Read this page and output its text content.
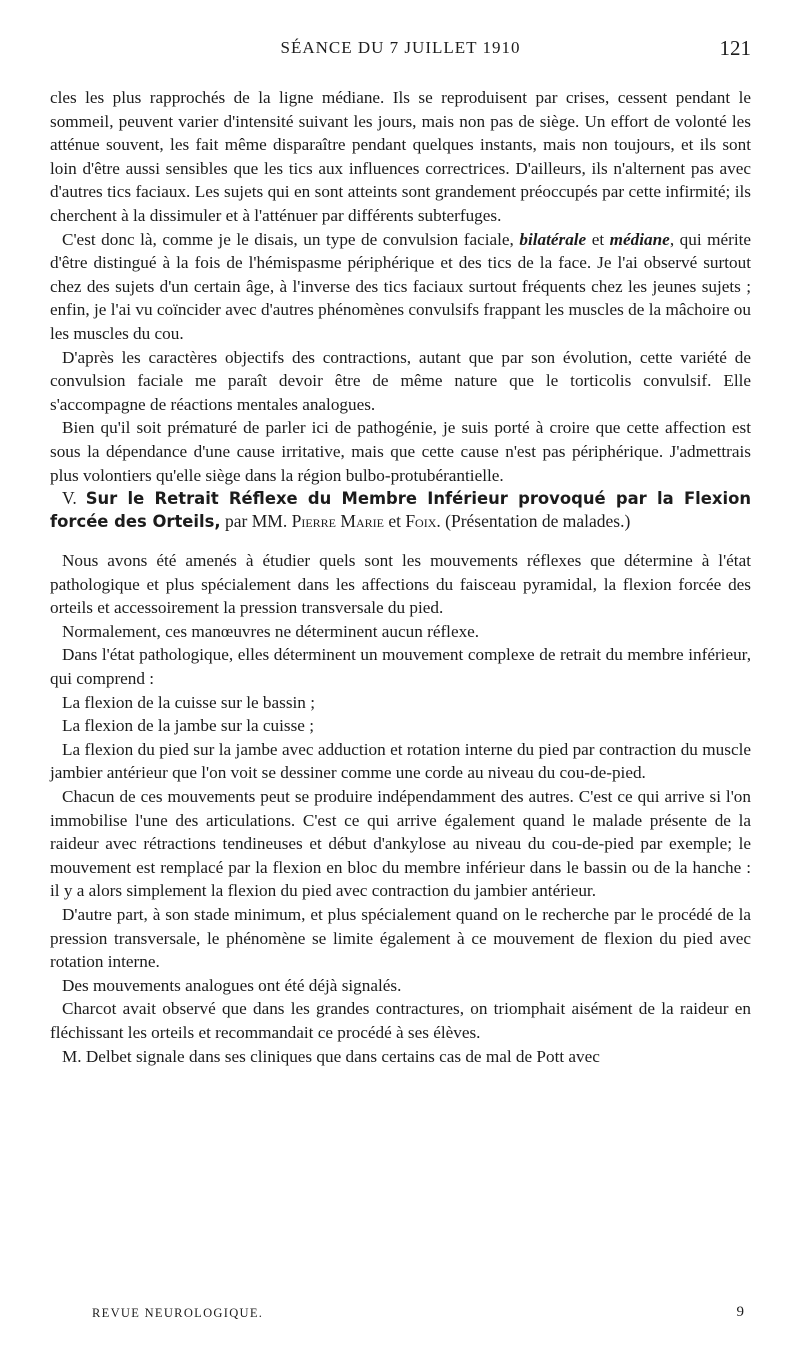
SÉANCE DU 7 JUILLET 1910	121

cles les plus rapprochés de la ligne médiane. Ils se reproduisent par crises, cessent pendant le sommeil, peuvent varier d'intensité suivant les jours, mais non pas de siège. Un effort de volonté les atténue souvent, les fait même disparaître pendant quelques instants, mais non toujours, et ils sont loin d'être aussi sensibles que les tics aux influences correctrices. D'ailleurs, ils n'alternent pas avec d'autres tics faciaux. Les sujets qui en sont atteints sont grandement préoccupés par cette infirmité; ils cherchent à la dissimuler et à l'atténuer par différents subterfuges.

C'est donc là, comme je le disais, un type de convulsion faciale, bilatérale et médiane, qui mérite d'être distingué à la fois de l'hémispasme périphérique et des tics de la face. Je l'ai observé surtout chez des sujets d'un certain âge, à l'inverse des tics faciaux surtout fréquents chez les jeunes sujets ; enfin, je l'ai vu coïncider avec d'autres phénomènes convulsifs frappant les muscles de la mâchoire ou les muscles du cou.

D'après les caractères objectifs des contractions, autant que par son évolution, cette variété de convulsion faciale me paraît devoir être de même nature que le torticolis convulsif. Elle s'accompagne de réactions mentales analogues.

Bien qu'il soit prématuré de parler ici de pathogénie, je suis porté à croire que cette affection est sous la dépendance d'une cause irritative, mais que cette cause n'est pas périphérique. J'admettrais plus volontiers qu'elle siège dans la région bulbo-protubérantielle.

V. Sur le Retrait Réflexe du Membre Inférieur provoqué par la Flexion forcée des Orteils, par MM. Pierre Marie et Foix. (Présentation de malades.)

Nous avons été amenés à étudier quels sont les mouvements réflexes que détermine à l'état pathologique et plus spécialement dans les affections du faisceau pyramidal, la flexion forcée des orteils et accessoirement la pression transversale du pied.

Normalement, ces manœuvres ne déterminent aucun réflexe.

Dans l'état pathologique, elles déterminent un mouvement complexe de retrait du membre inférieur, qui comprend :

La flexion de la cuisse sur le bassin ;

La flexion de la jambe sur la cuisse ;

La flexion du pied sur la jambe avec adduction et rotation interne du pied par contraction du muscle jambier antérieur que l'on voit se dessiner comme une corde au niveau du cou-de-pied.

Chacun de ces mouvements peut se produire indépendamment des autres. C'est ce qui arrive si l'on immobilise l'une des articulations. C'est ce qui arrive également quand le malade présente de la raideur avec rétractions tendineuses et début d'ankylose au niveau du cou-de-pied par exemple; le mouvement est remplacé par la flexion en bloc du membre inférieur dans le bassin ou de la hanche : il y a alors simplement la flexion du pied avec contraction du jambier antérieur.

D'autre part, à son stade minimum, et plus spécialement quand on le recherche par le procédé de la pression transversale, le phénomène se limite également à ce mouvement de flexion du pied avec rotation interne.

Des mouvements analogues ont été déjà signalés.

Charcot avait observé que dans les grandes contractures, on triomphait aisément de la raideur en fléchissant les orteils et recommandait ce procédé à ses élèves.

M. Delbet signale dans ses cliniques que dans certains cas de mal de Pott avec

REVUE NEUROLOGIQUE.	9
